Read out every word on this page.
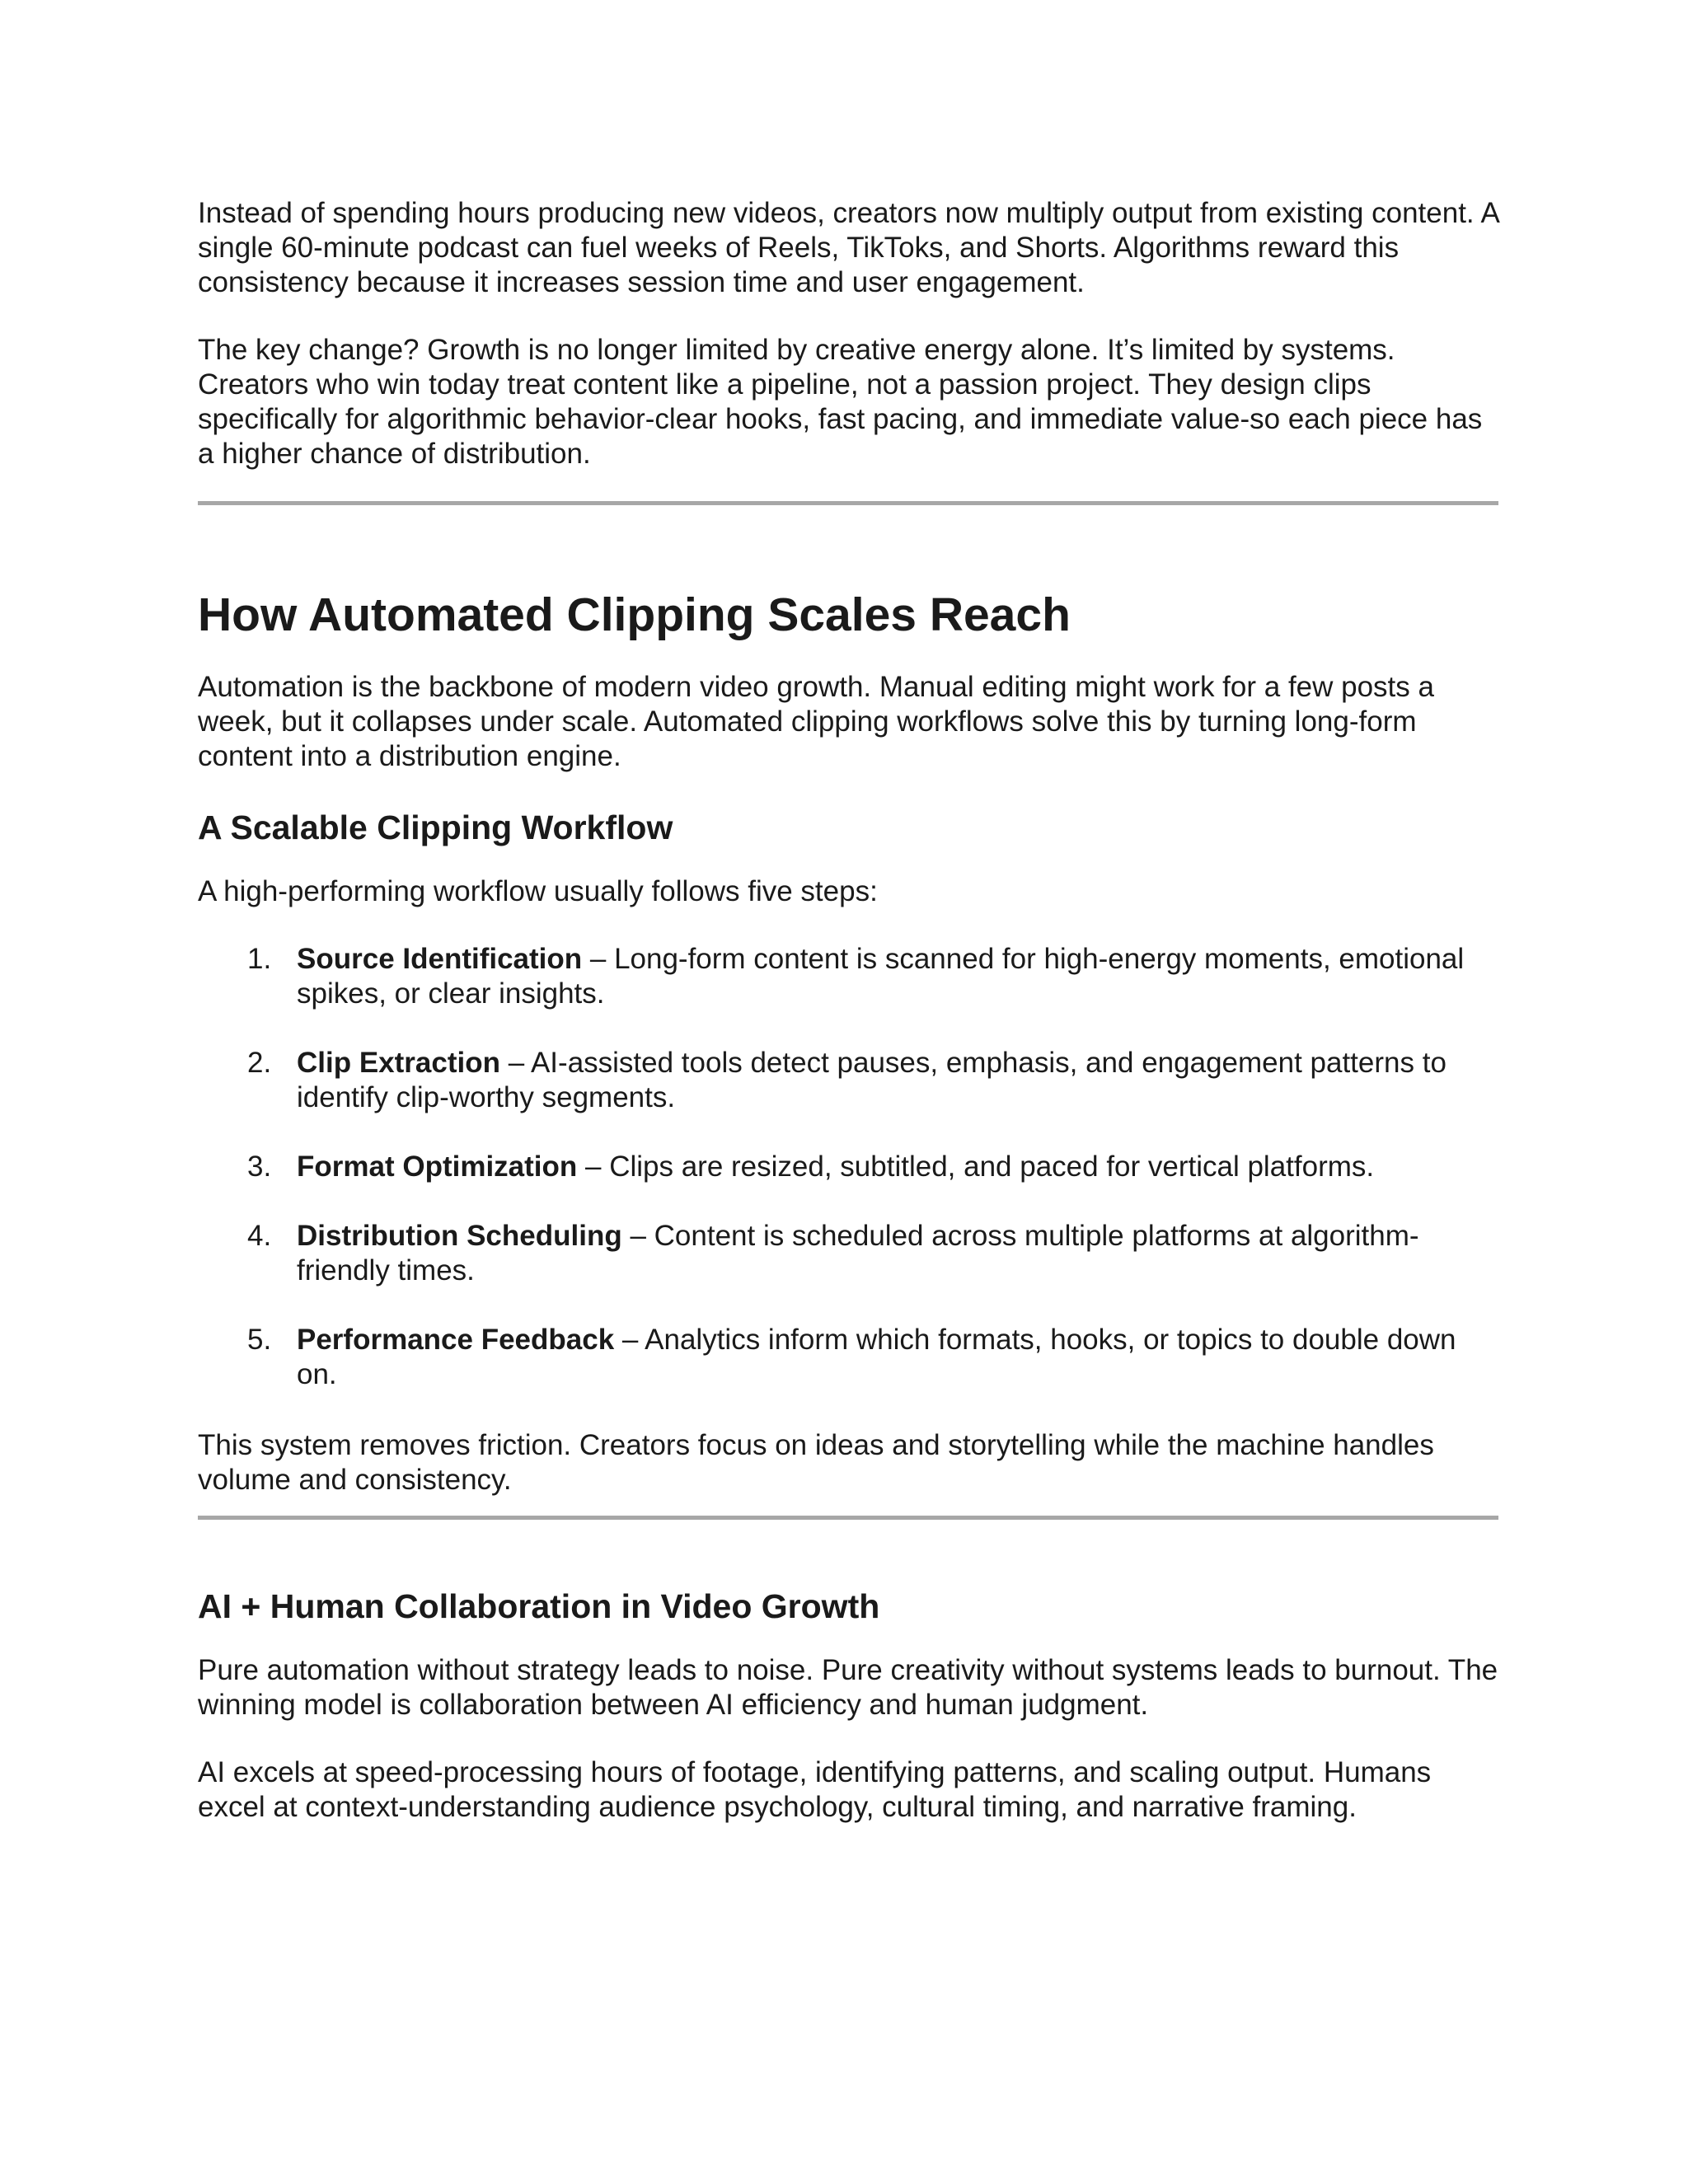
Instead of spending hours producing new videos, creators now multiply output from existing content. A single 60-minute podcast can fuel weeks of Reels, TikToks, and Shorts. Algorithms reward this consistency because it increases session time and user engagement.

The key change? Growth is no longer limited by creative energy alone. It’s limited by systems. Creators who win today treat content like a pipeline, not a passion project. They design clips specifically for algorithmic behavior-clear hooks, fast pacing, and immediate value-so each piece has a higher chance of distribution.

How Automated Clipping Scales Reach

Automation is the backbone of modern video growth. Manual editing might work for a few posts a week, but it collapses under scale. Automated clipping workflows solve this by turning long-form content into a distribution engine.

A Scalable Clipping Workflow

A high-performing workflow usually follows five steps:

1. Source Identification – Long-form content is scanned for high-energy moments, emotional spikes, or clear insights.
2. Clip Extraction – AI-assisted tools detect pauses, emphasis, and engagement patterns to identify clip-worthy segments.
3. Format Optimization – Clips are resized, subtitled, and paced for vertical platforms.
4. Distribution Scheduling – Content is scheduled across multiple platforms at algorithm-friendly times.
5. Performance Feedback – Analytics inform which formats, hooks, or topics to double down on.

This system removes friction. Creators focus on ideas and storytelling while the machine handles volume and consistency.

AI + Human Collaboration in Video Growth

Pure automation without strategy leads to noise. Pure creativity without systems leads to burnout. The winning model is collaboration between AI efficiency and human judgment.

AI excels at speed-processing hours of footage, identifying patterns, and scaling output. Humans excel at context-understanding audience psychology, cultural timing, and narrative framing.
